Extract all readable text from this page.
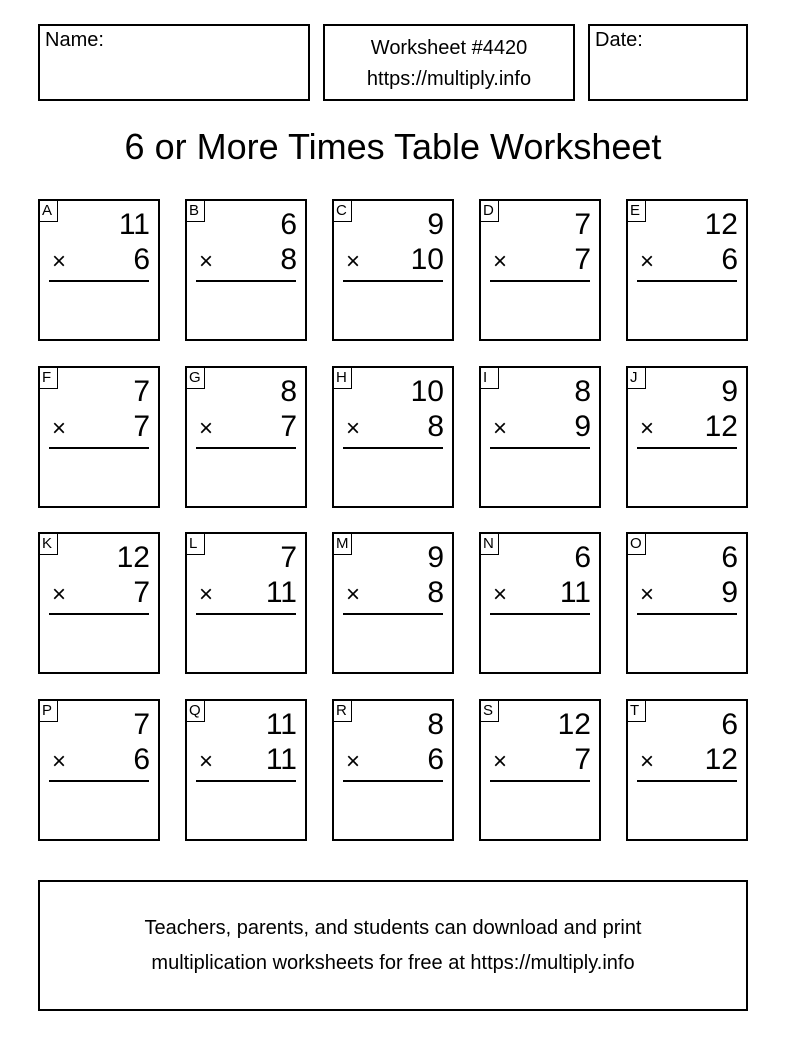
Name:	Worksheet #4420
https://multiply.info
Date:
6 or More Times Table Worksheet
A 11
× 6
B	6
× 8
C	9
× 10
D	7
× 7
E 12
× 6
F	7
× 7
G	8
× 7
H 10
× 8
I	8
× 9
J	9
× 12
K 12
× 7
L	7
× 11
M	9
× 8
N	6
× 11
O	6
× 9
P	7
× 6
Q 11
× 11
R	8
× 6
S 12
× 7
T	6
× 12
Teachers, parents, and students can download and print
multiplication worksheets for free at https://multiply.info
